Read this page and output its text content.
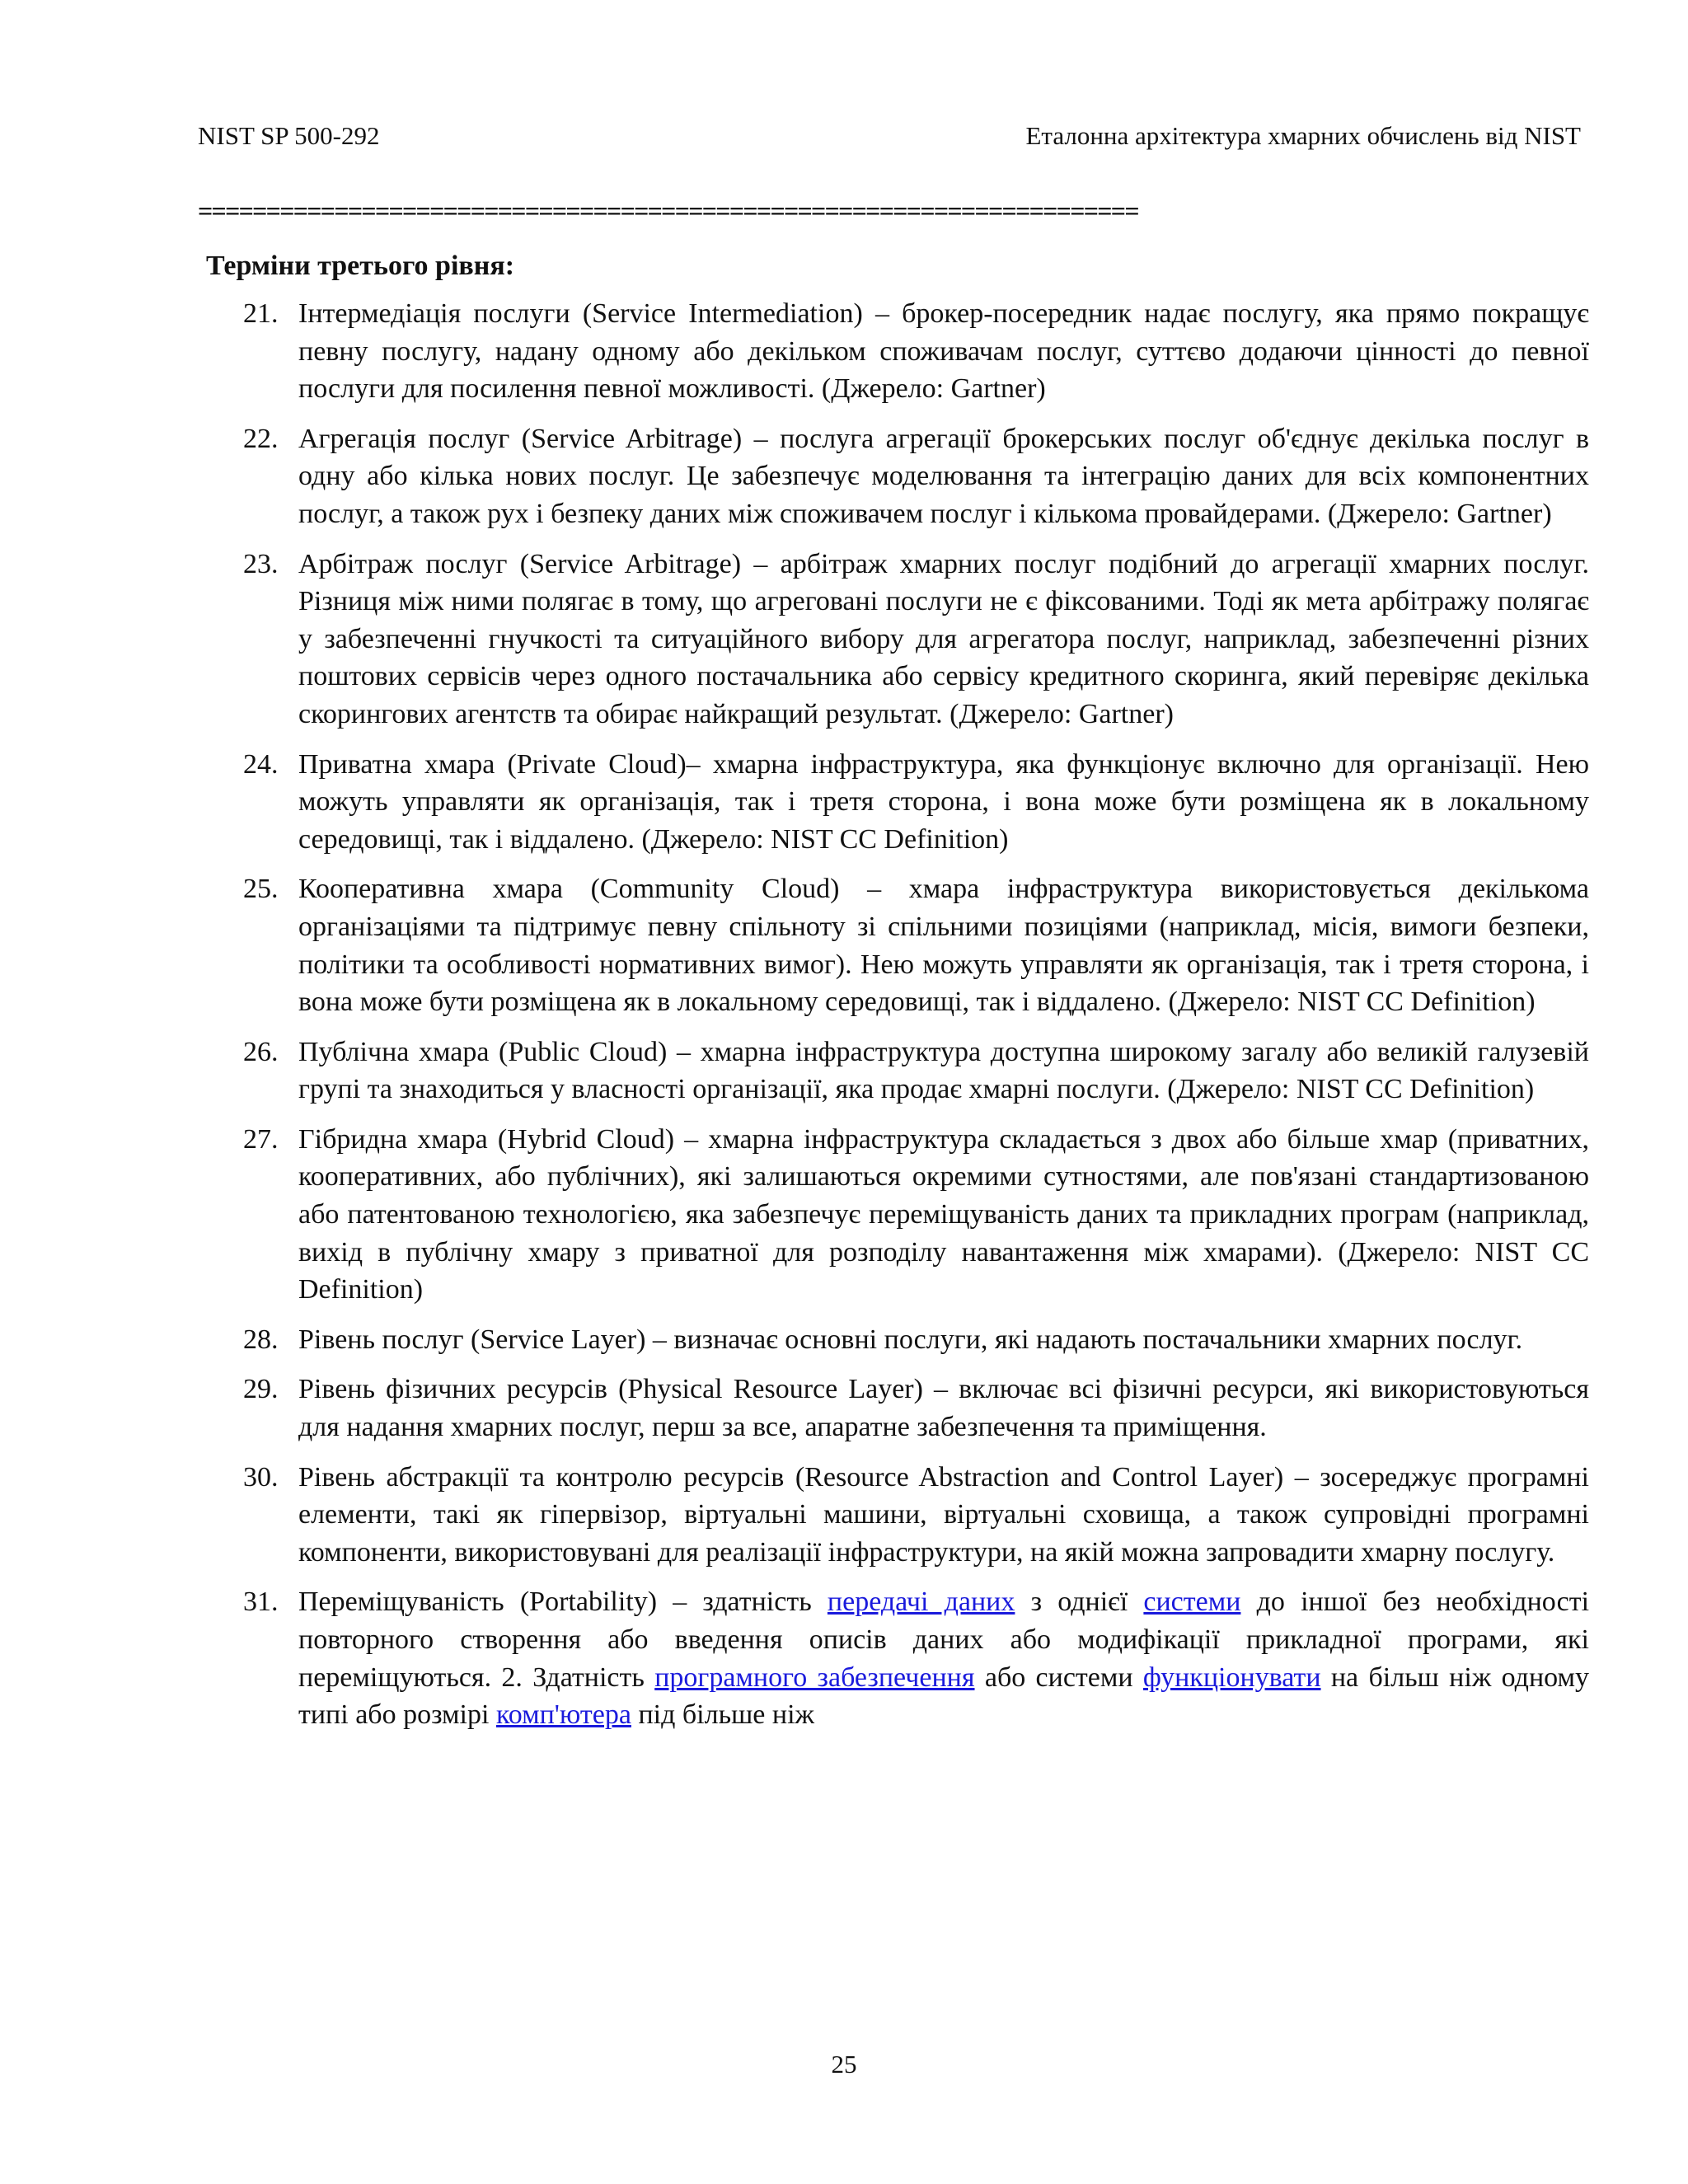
NIST SP 500-292	Еталонна архітектура хмарних обчислень від NIST
=====================================================================
Терміни третього рівня:
21. Інтермедіація послуги (Service Intermediation) – брокер-посередник надає послугу, яка прямо покращує певну послугу, надану одному або декільком споживачам послуг, суттєво додаючи цінності до певної послуги для посилення певної можливості. (Джерело: Gartner)
22. Агрегація послуг (Service Arbitrage) – послуга агрегації брокерських послуг об'єднує декілька послуг в одну або кілька нових послуг. Це забезпечує моделювання та інтеграцію даних для всіх компонентних послуг, а також рух і безпеку даних між споживачем послуг і кількома провайдерами. (Джерело: Gartner)
23. Арбітраж послуг (Service Arbitrage) – арбітраж хмарних послуг подібний до агрегації хмарних послуг. Різниця між ними полягає в тому, що агреговані послуги не є фіксованими. Тоді як мета арбітражу полягає у забезпеченні гнучкості та ситуаційного вибору для агрегатора послуг, наприклад, забезпеченні різних поштових сервісів через одного постачальника або сервісу кредитного скоринга, який перевіряє декілька скорингових агентств та обирає найкращий результат. (Джерело: Gartner)
24. Приватна хмара (Private Cloud)– хмарна інфраструктура, яка функціонує включно для організації. Нею можуть управляти як організація, так і третя сторона, і вона може бути розміщена як в локальному середовищі, так і віддалено. (Джерело: NIST CC Definition)
25. Кооперативна хмара (Community Cloud) – хмара інфраструктура використовується декількома організаціями та підтримує певну спільноту зі спільними позиціями (наприклад, місія, вимоги безпеки, політики та особливості нормативних вимог). Нею можуть управляти як організація, так і третя сторона, і вона може бути розміщена як в локальному середовищі, так і віддалено. (Джерело: NIST CC Definition)
26. Публічна хмара (Public Cloud) – хмарна інфраструктура доступна широкому загалу або великій галузевій групі та знаходиться у власності організації, яка продає хмарні послуги. (Джерело: NIST CC Definition)
27. Гібридна хмара (Hybrid Cloud) – хмарна інфраструктура складається з двох або більше хмар (приватних, кооперативних, або публічних), які залишаються окремими сутностями, але пов'язані стандартизованою або патентованою технологією, яка забезпечує переміщуваність даних та прикладних програм (наприклад, вихід в публічну хмару з приватної для розподілу навантаження між хмарами). (Джерело: NIST CC Definition)
28. Рівень послуг (Service Layer) – визначає основні послуги, які надають постачальники хмарних послуг.
29. Рівень фізичних ресурсів (Physical Resource Layer) – включає всі фізичні ресурси, які використовуються для надання хмарних послуг, перш за все, апаратне забезпечення та приміщення.
30. Рівень абстракції та контролю ресурсів (Resource Abstraction and Control Layer) – зосереджує програмні елементи, такі як гіпервізор, віртуальні машини, віртуальні сховища, а також супровідні програмні компоненти, використовувані для реалізації інфраструктури, на якій можна запровадити хмарну послугу.
31. Переміщуваність (Portability) – здатність передачі даних з однієї системи до іншої без необхідності повторного створення або введення описів даних або модифікації прикладної програми, які переміщуються. 2. Здатність програмного забезпечення або системи функціонувати на більш ніж одному типі або розмірі комп'ютера під більше ніж
25
